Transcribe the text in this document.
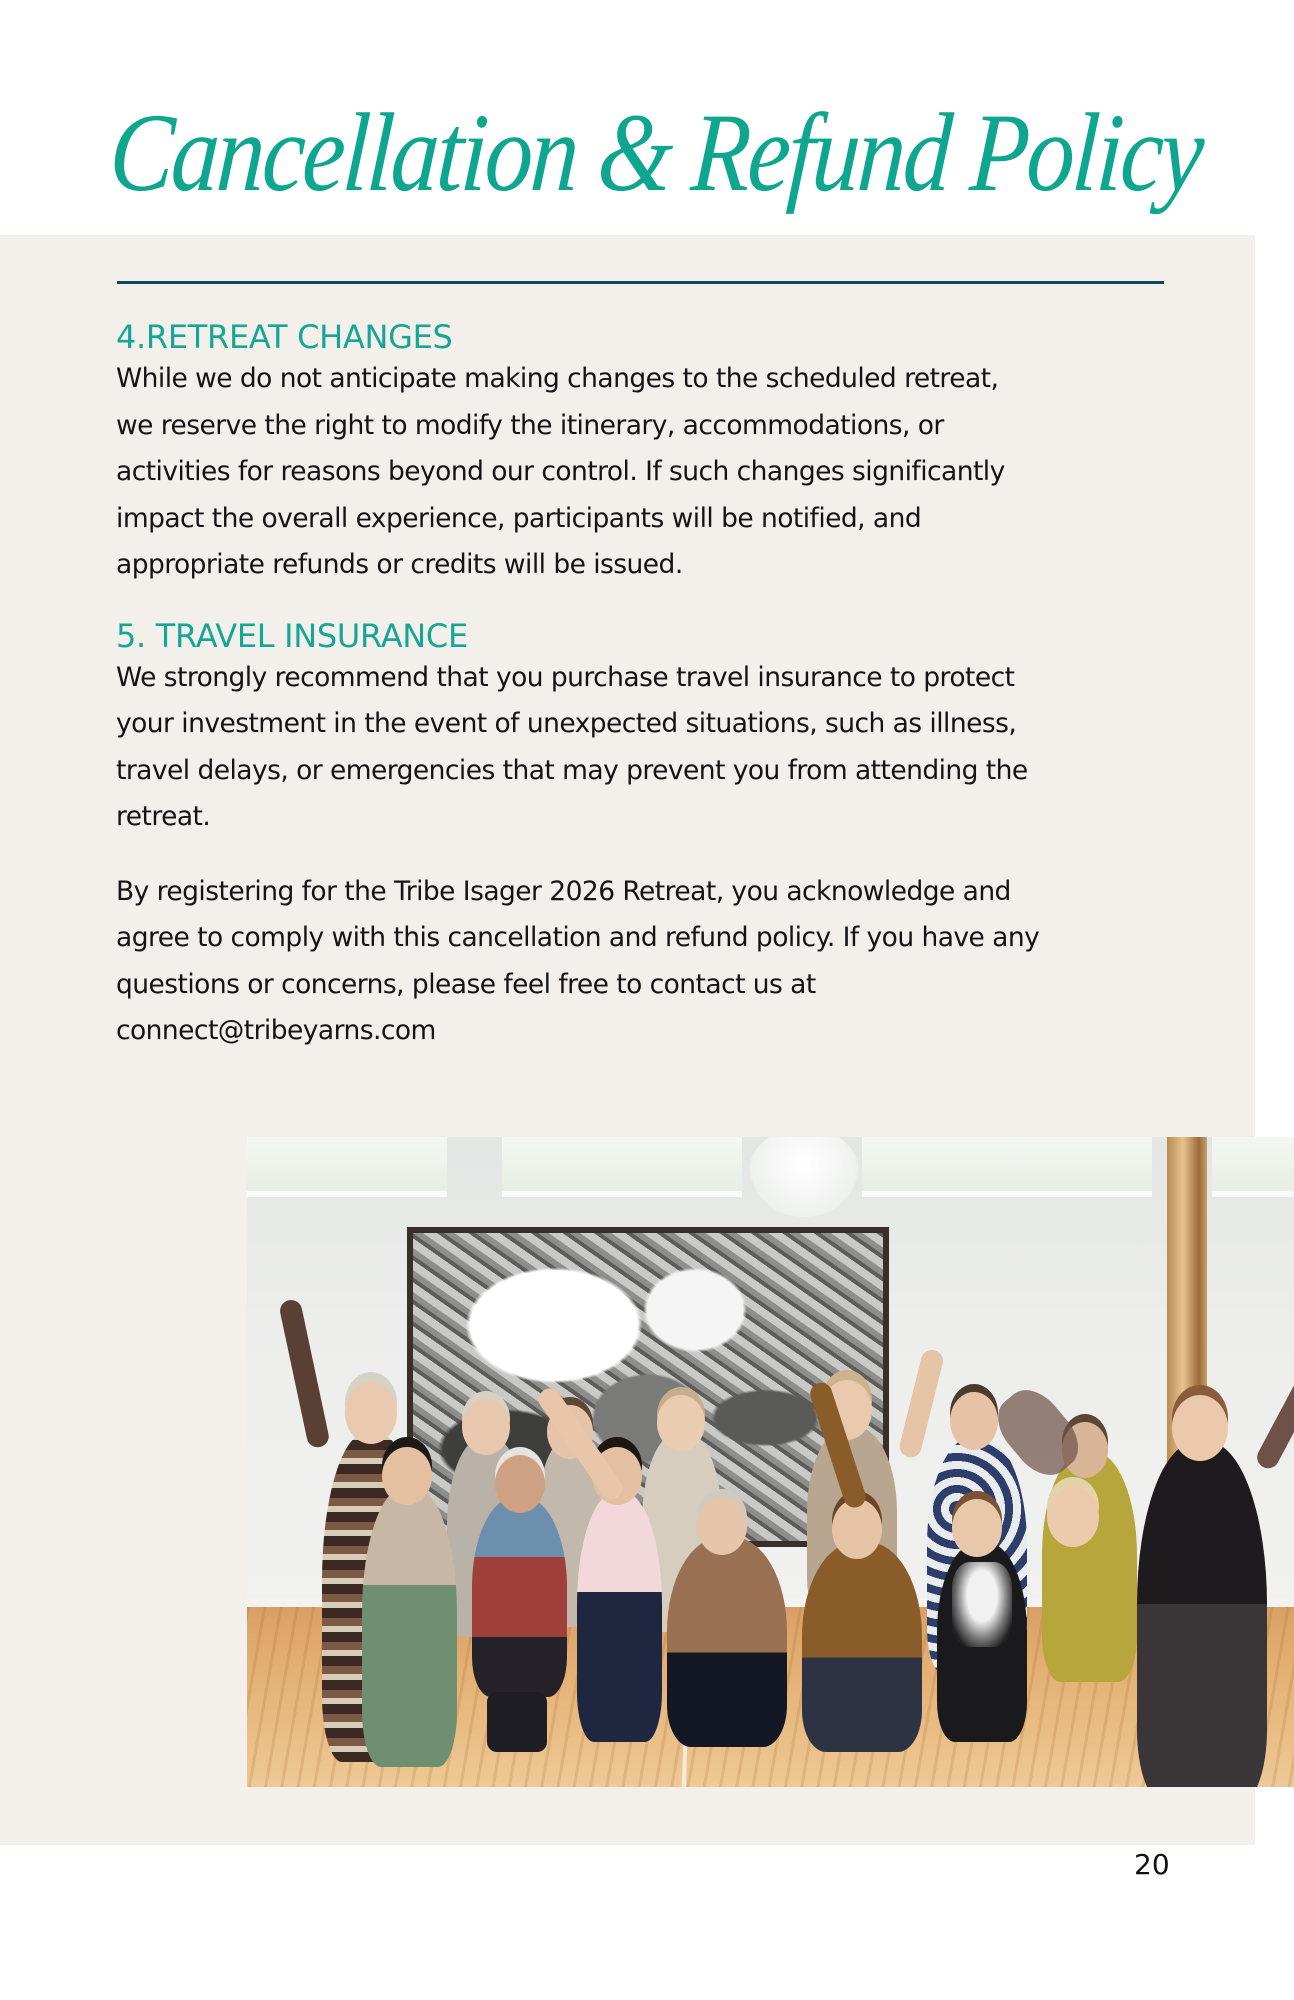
Cancellation & Refund Policy
4.RETREAT CHANGES
While we do not anticipate making changes to the scheduled retreat,
we reserve the right to modify the itinerary, accommodations, or
activities for reasons beyond our control. If such changes significantly
impact the overall experience, participants will be notified, and
appropriate refunds or credits will be issued.
5. TRAVEL INSURANCE
We strongly recommend that you purchase travel insurance to protect
your investment in the event of unexpected situations, such as illness,
travel delays, or emergencies that may prevent you from attending the
retreat.
By registering for the Tribe Isager 2026 Retreat, you acknowledge and
agree to comply with this cancellation and refund policy. If you have any
questions or concerns, please feel free to contact us at
connect@tribeyarns.com
20
